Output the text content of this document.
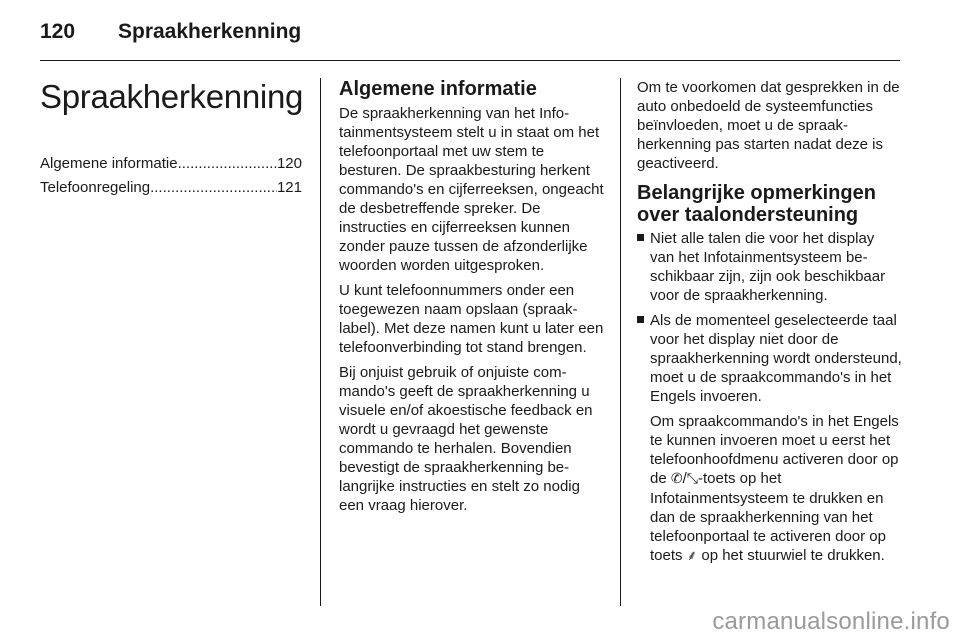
120 Spraakherkenning
Spraakherkenning
Algemene informatie .....	120
Telefoonregeling .....	121
Algemene informatie

De spraakherkenning van het Infotainmentsysteem stelt u in staat om het telefoonportaal met uw stem te besturen. De spraakbesturing herkent commando's en cijferreeksen, ongeacht de desbetreffende spreker. De instructies en cijferreeksen kunnen zonder pauze tussen de afzonderlijke woorden worden uitgesproken.

U kunt telefoonnummers onder een toegewezen naam opslaan (spraaklabel). Met deze namen kunt u later een telefoonverbinding tot stand brengen.

Bij onjuist gebruik of onjuiste commando's geeft de spraakherkenning u visuele en/of akoestische feedback en wordt u gevraagd het gewenste commando te herhalen. Bovendien bevestigt de spraakherkenning belangrijke instructies en stelt zo nodig een vraag hierover.

Om te voorkomen dat gesprekken in de auto onbedoeld de systeemfuncties beïnvloeden, moet u de spraakherkenning pas starten nadat deze is geactiveerd.

Belangrijke opmerkingen over taalondersteuning
Niet alle talen die voor het display van het Infotainmentsysteem beschikbaar zijn, zijn ook beschikbaar voor de spraakherkenning.

Als de momenteel geselecteerde taal voor het display niet door de spraakherkenning wordt ondersteund, moet u de spraakcommando's in het Engels invoeren.

Om spraakcommando's in het Engels te kunnen invoeren moet u eerst het telefoonhoofdmenu activeren door op de ✆/⤡-toets op het Infotainmentsysteem te drukken en dan de spraakherkenning van het telefoonportaal te activeren door op toets ⸙ op het stuurwiel te drukken.

carmanualsonline.info
